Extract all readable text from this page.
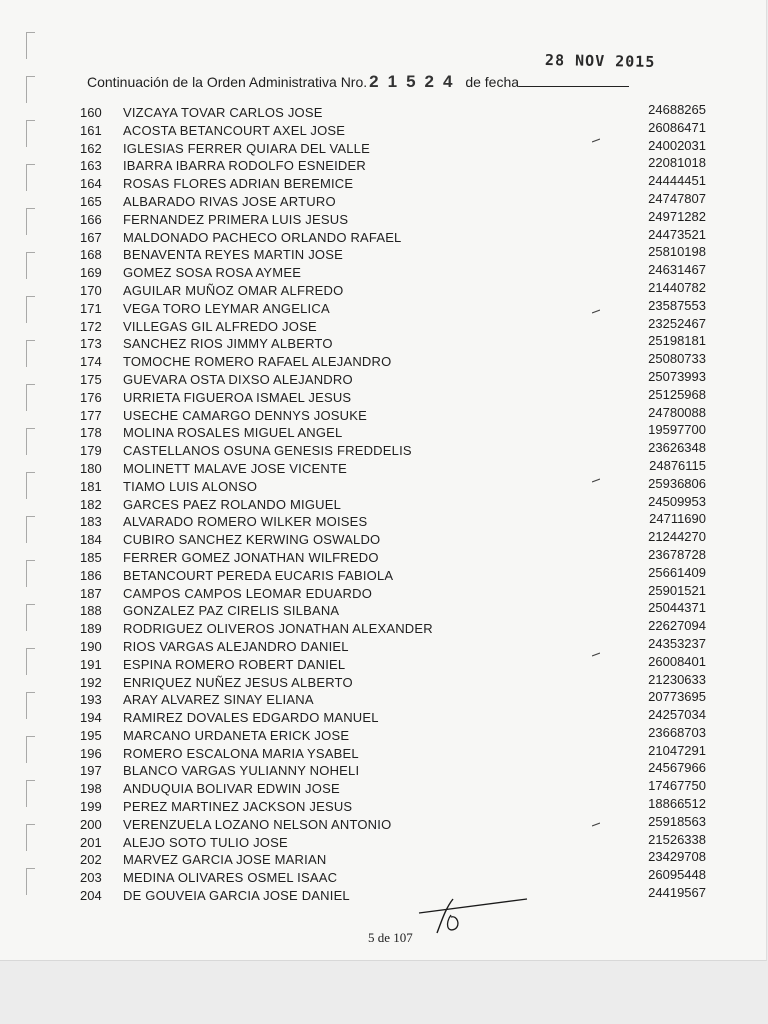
Continuación de la Orden Administrativa Nro. 21524 de fecha
28 NOV 2015
160	VIZCAYA TOVAR CARLOS JOSE	24688265
161	ACOSTA BETANCOURT AXEL JOSE	26086471
162	IGLESIAS FERRER QUIARA DEL VALLE	24002031
163	IBARRA IBARRA RODOLFO ESNEIDER	22081018
164	ROSAS FLORES ADRIAN BEREMICE	24444451
165	ALBARADO RIVAS JOSE ARTURO	24747807
166	FERNANDEZ PRIMERA LUIS JESUS	24971282
167	MALDONADO PACHECO ORLANDO RAFAEL	24473521
168	BENAVENTA REYES MARTIN JOSE	25810198
169	GOMEZ SOSA ROSA AYMEE	24631467
170	AGUILAR MUÑOZ OMAR ALFREDO	21440782
171	VEGA TORO LEYMAR ANGELICA	23587553
172	VILLEGAS GIL ALFREDO JOSE	23252467
173	SANCHEZ RIOS JIMMY ALBERTO	25198181
174	TOMOCHE ROMERO RAFAEL ALEJANDRO	25080733
175	GUEVARA OSTA DIXSO ALEJANDRO	25073993
176	URRIETA FIGUEROA ISMAEL JESUS	25125968
177	USECHE CAMARGO DENNYS JOSUKE	24780088
178	MOLINA ROSALES MIGUEL ANGEL	19597700
179	CASTELLANOS OSUNA GENESIS FREDDELIS	23626348
180	MOLINETT MALAVE JOSE VICENTE	24876115
181	TIAMO LUIS ALONSO	25936806
182	GARCES PAEZ ROLANDO MIGUEL	24509953
183	ALVARADO ROMERO WILKER MOISES	24711690
184	CUBIRO SANCHEZ KERWING OSWALDO	21244270
185	FERRER GOMEZ JONATHAN WILFREDO	23678728
186	BETANCOURT PEREDA EUCARIS FABIOLA	25661409
187	CAMPOS CAMPOS LEOMAR EDUARDO	25901521
188	GONZALEZ PAZ CIRELIS SILBANA	25044371
189	RODRIGUEZ OLIVEROS JONATHAN ALEXANDER	22627094
190	RIOS VARGAS ALEJANDRO DANIEL	24353237
191	ESPINA ROMERO ROBERT DANIEL	26008401
192	ENRIQUEZ NUÑEZ JESUS ALBERTO	21230633
193	ARAY ALVAREZ SINAY ELIANA	20773695
194	RAMIREZ DOVALES EDGARDO MANUEL	24257034
195	MARCANO URDANETA ERICK JOSE	23668703
196	ROMERO ESCALONA MARIA YSABEL	21047291
197	BLANCO VARGAS YULIANNY NOHELI	24567966
198	ANDUQUIA BOLIVAR EDWIN JOSE	17467750
199	PEREZ MARTINEZ JACKSON JESUS	18866512
200	VERENZUELA LOZANO NELSON ANTONIO	25918563
201	ALEJO SOTO TULIO JOSE	21526338
202	MARVEZ GARCIA JOSE MARIAN	23429708
203	MEDINA OLIVARES OSMEL ISAAC	26095448
204	DE GOUVEIA GARCIA JOSE DANIEL	24419567
5 de 107
